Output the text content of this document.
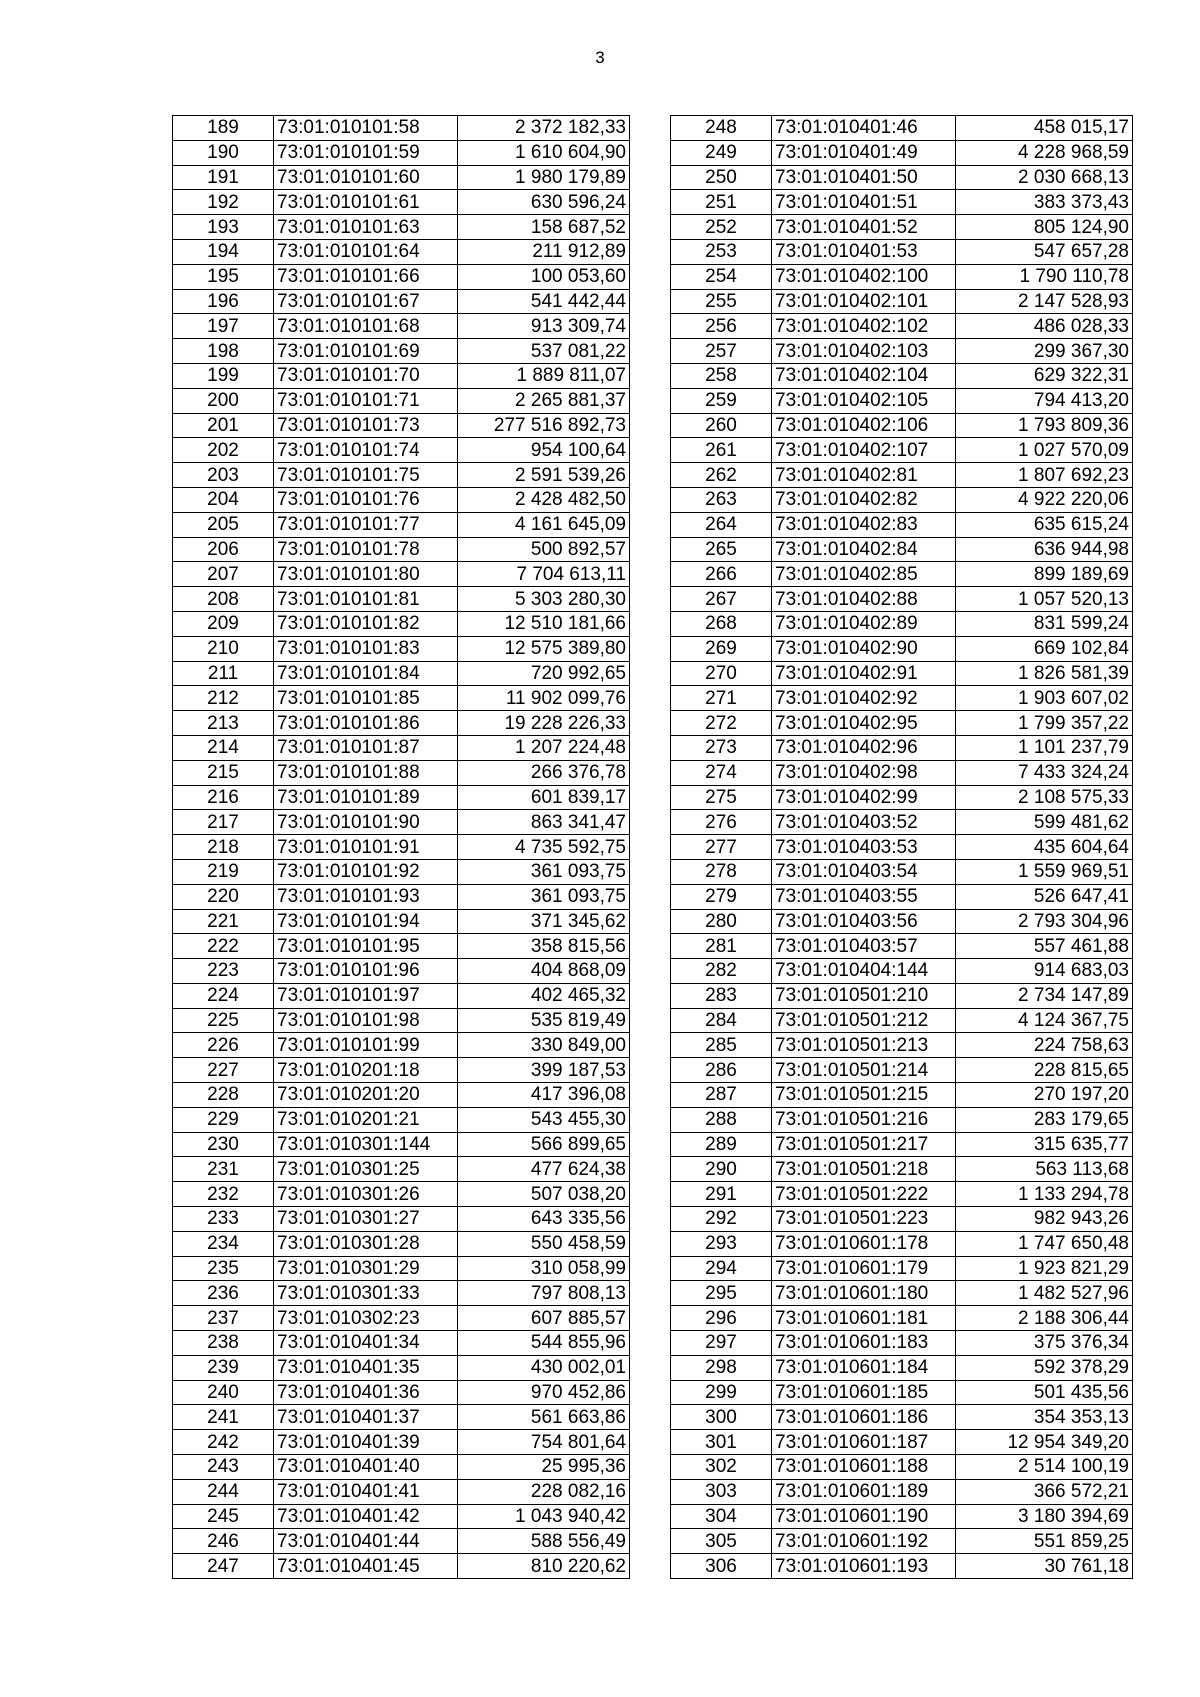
3
189	73:01:010101:58	2 372 182,33
190	73:01:010101:59	1 610 604,90
191	73:01:010101:60	1 980 179,89
192	73:01:010101:61	630 596,24
193	73:01:010101:63	158 687,52
194	73:01:010101:64	211 912,89
195	73:01:010101:66	100 053,60
196	73:01:010101:67	541 442,44
197	73:01:010101:68	913 309,74
198	73:01:010101:69	537 081,22
199	73:01:010101:70	1 889 811,07
200	73:01:010101:71	2 265 881,37
201	73:01:010101:73	277 516 892,73
202	73:01:010101:74	954 100,64
203	73:01:010101:75	2 591 539,26
204	73:01:010101:76	2 428 482,50
205	73:01:010101:77	4 161 645,09
206	73:01:010101:78	500 892,57
207	73:01:010101:80	7 704 613,11
208	73:01:010101:81	5 303 280,30
209	73:01:010101:82	12 510 181,66
210	73:01:010101:83	12 575 389,80
211	73:01:010101:84	720 992,65
212	73:01:010101:85	11 902 099,76
213	73:01:010101:86	19 228 226,33
214	73:01:010101:87	1 207 224,48
215	73:01:010101:88	266 376,78
216	73:01:010101:89	601 839,17
217	73:01:010101:90	863 341,47
218	73:01:010101:91	4 735 592,75
219	73:01:010101:92	361 093,75
220	73:01:010101:93	361 093,75
221	73:01:010101:94	371 345,62
222	73:01:010101:95	358 815,56
223	73:01:010101:96	404 868,09
224	73:01:010101:97	402 465,32
225	73:01:010101:98	535 819,49
226	73:01:010101:99	330 849,00
227	73:01:010201:18	399 187,53
228	73:01:010201:20	417 396,08
229	73:01:010201:21	543 455,30
230	73:01:010301:144	566 899,65
231	73:01:010301:25	477 624,38
232	73:01:010301:26	507 038,20
233	73:01:010301:27	643 335,56
234	73:01:010301:28	550 458,59
235	73:01:010301:29	310 058,99
236	73:01:010301:33	797 808,13
237	73:01:010302:23	607 885,57
238	73:01:010401:34	544 855,96
239	73:01:010401:35	430 002,01
240	73:01:010401:36	970 452,86
241	73:01:010401:37	561 663,86
242	73:01:010401:39	754 801,64
243	73:01:010401:40	25 995,36
244	73:01:010401:41	228 082,16
245	73:01:010401:42	1 043 940,42
246	73:01:010401:44	588 556,49
247	73:01:010401:45	810 220,62
248	73:01:010401:46	458 015,17
249	73:01:010401:49	4 228 968,59
250	73:01:010401:50	2 030 668,13
251	73:01:010401:51	383 373,43
252	73:01:010401:52	805 124,90
253	73:01:010401:53	547 657,28
254	73:01:010402:100	1 790 110,78
255	73:01:010402:101	2 147 528,93
256	73:01:010402:102	486 028,33
257	73:01:010402:103	299 367,30
258	73:01:010402:104	629 322,31
259	73:01:010402:105	794 413,20
260	73:01:010402:106	1 793 809,36
261	73:01:010402:107	1 027 570,09
262	73:01:010402:81	1 807 692,23
263	73:01:010402:82	4 922 220,06
264	73:01:010402:83	635 615,24
265	73:01:010402:84	636 944,98
266	73:01:010402:85	899 189,69
267	73:01:010402:88	1 057 520,13
268	73:01:010402:89	831 599,24
269	73:01:010402:90	669 102,84
270	73:01:010402:91	1 826 581,39
271	73:01:010402:92	1 903 607,02
272	73:01:010402:95	1 799 357,22
273	73:01:010402:96	1 101 237,79
274	73:01:010402:98	7 433 324,24
275	73:01:010402:99	2 108 575,33
276	73:01:010403:52	599 481,62
277	73:01:010403:53	435 604,64
278	73:01:010403:54	1 559 969,51
279	73:01:010403:55	526 647,41
280	73:01:010403:56	2 793 304,96
281	73:01:010403:57	557 461,88
282	73:01:010404:144	914 683,03
283	73:01:010501:210	2 734 147,89
284	73:01:010501:212	4 124 367,75
285	73:01:010501:213	224 758,63
286	73:01:010501:214	228 815,65
287	73:01:010501:215	270 197,20
288	73:01:010501:216	283 179,65
289	73:01:010501:217	315 635,77
290	73:01:010501:218	563 113,68
291	73:01:010501:222	1 133 294,78
292	73:01:010501:223	982 943,26
293	73:01:010601:178	1 747 650,48
294	73:01:010601:179	1 923 821,29
295	73:01:010601:180	1 482 527,96
296	73:01:010601:181	2 188 306,44
297	73:01:010601:183	375 376,34
298	73:01:010601:184	592 378,29
299	73:01:010601:185	501 435,56
300	73:01:010601:186	354 353,13
301	73:01:010601:187	12 954 349,20
302	73:01:010601:188	2 514 100,19
303	73:01:010601:189	366 572,21
304	73:01:010601:190	3 180 394,69
305	73:01:010601:192	551 859,25
306	73:01:010601:193	30 761,18
